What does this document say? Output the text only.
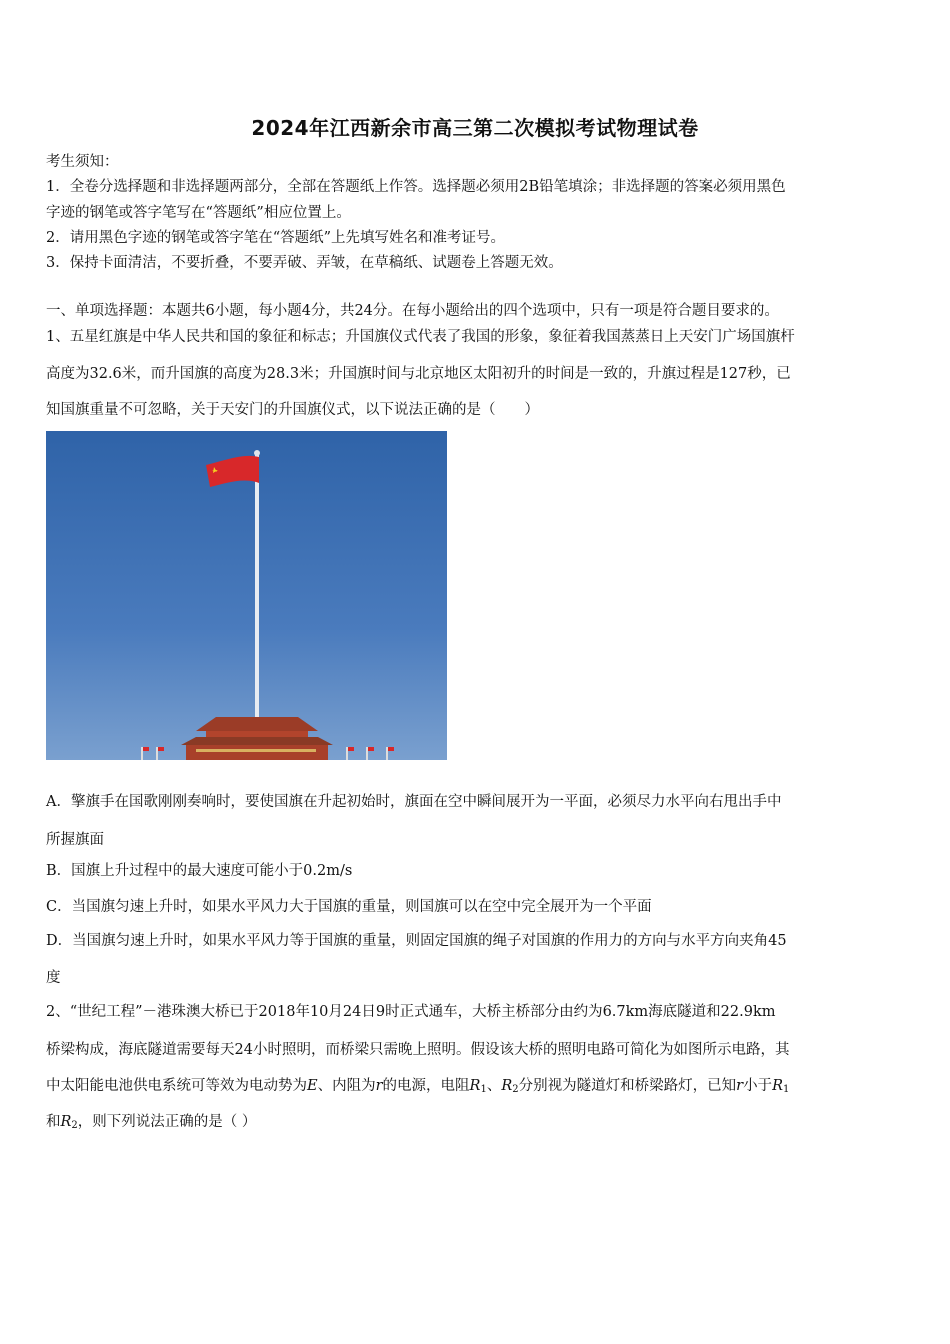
2024年江西新余市高三第二次模拟考试物理试卷
考生须知：
1．全卷分选择题和非选择题两部分，全部在答题纸上作答。选择题必须用2B铅笔填涂；非选择题的答案必须用黑色
字迹的钢笔或答字笔写在“答题纸”相应位置上。
2．请用黑色字迹的钢笔或答字笔在“答题纸”上先填写姓名和准考证号。
3．保持卡面清洁，不要折叠，不要弄破、弄皱，在草稿纸、试题卷上答题无效。
一、单项选择题：本题共6小题，每小题4分，共24分。在每小题给出的四个选项中，只有一项是符合题目要求的。
1、五星红旗是中华人民共和国的象征和标志；升国旗仪式代表了我国的形象，象征着我国蒸蒸日上天安门广场国旗杆
高度为32.6米，而升国旗的高度为28.3米；升国旗时间与北京地区太阳初升的时间是一致的，升旗过程是127秒，已
知国旗重量不可忽略，关于天安门的升国旗仪式，以下说法正确的是（　　）
A．擎旗手在国歌刚刚奏响时，要使国旗在升起初始时，旗面在空中瞬间展开为一平面，必须尽力水平向右甩出手中
所握旗面
B．国旗上升过程中的最大速度可能小于0.2m/s
C．当国旗匀速上升时，如果水平风力大于国旗的重量，则国旗可以在空中完全展开为一个平面
D．当国旗匀速上升时，如果水平风力等于国旗的重量，则固定国旗的绳子对国旗的作用力的方向与水平方向夹角45
度
2、“世纪工程”－港珠澳大桥已于2018年10月24日9时正式通车，大桥主桥部分由约为6.7km海底隧道和22.9km
桥梁构成，海底隧道需要每天24小时照明，而桥梁只需晚上照明。假设该大桥的照明电路可简化为如图所示电路，其
中太阳能电池供电系统可等效为电动势为E、内阻为r的电源，电阻$R_1$、$R_2$分别视为隧道灯和桥梁路灯，已知r小于$R_1$
和$R_2$，则下列说法正确的是（ ）
